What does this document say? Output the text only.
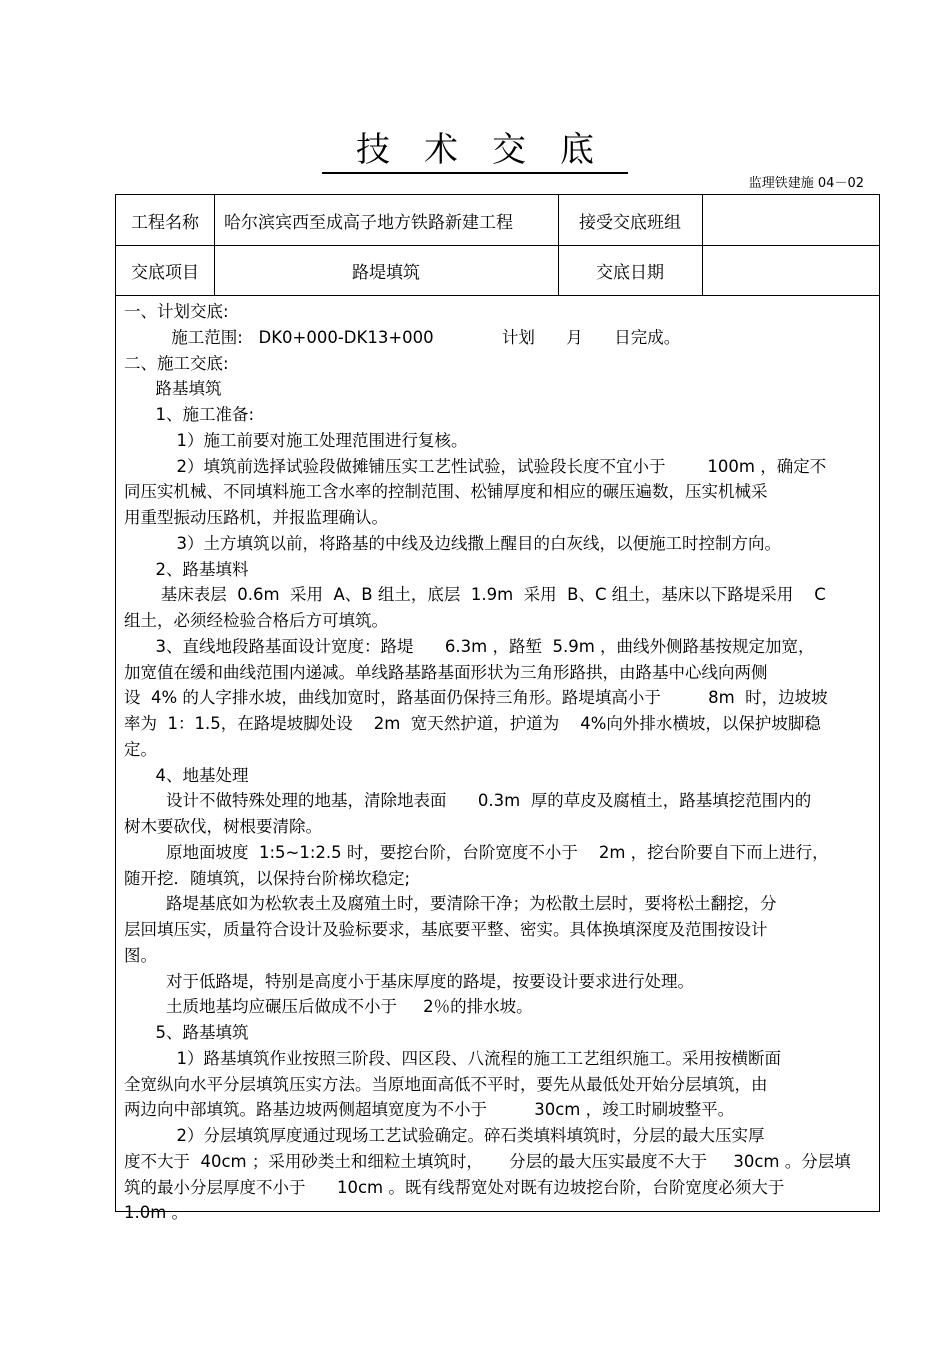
技术交底
监理铁建施 04－02
工程名称	哈尔滨宾西至成高子地方铁路新建工程	接受交底班组
交底项目	路堤填筑	交底日期
一、计划交底:
施工范围:   DK0+000-DK13+000             计划      月      日完成。
二、施工交底:
路基填筑
1、施工准备:
1）施工前要对施工处理范围进行复核。
2）填筑前选择试验段做摊铺压实工艺性试验，试验段长度不宜小于        100m ，确定不
同压实机械、不同填料施工含水率的控制范围、松铺厚度和相应的碾压遍数，压实机械采
用重型振动压路机，并报监理确认。
3）土方填筑以前，将路基的中线及边线撒上醒目的白灰线，以便施工时控制方向。
2、路基填料
基床表层  0.6m  采用  A、B 组土，底层  1.9m  采用  B、C 组土，基床以下路堤采用    C
组土，必须经检验合格后方可填筑。
3、直线地段路基面设计宽度：路堤      6.3m ，路堑  5.9m ，曲线外侧路基按规定加宽，
加宽值在缓和曲线范围内递减。单线路基路基面形状为三角形路拱，由路基中心线向两侧
设  4% 的人字排水坡，曲线加宽时，路基面仍保持三角形。路堤填高小于         8m  时，边坡坡
率为  1：1.5，在路堤坡脚处设    2m  宽天然护道，护道为    4%向外排水横坡，以保护坡脚稳
定。
4、地基处理
设计不做特殊处理的地基，清除地表面      0.3m  厚的草皮及腐植土，路基填挖范围内的
树木要砍伐，树根要清除。
原地面坡度  1:5~1:2.5 时，要挖台阶，台阶宽度不小于    2m ，挖台阶要自下而上进行，
随开挖．随填筑，以保持台阶梯坎稳定;
路堤基底如为松软表土及腐殖土时，要清除干净；为松散土层时，要将松土翻挖，分
层回填压实，质量符合设计及验标要求，基底要平整、密实。具体换填深度及范围按设计
图。
对于低路堤，特别是高度小于基床厚度的路堤，按要设计要求进行处理。
土质地基均应碾压后做成不小于     2％的排水坡。
5、路基填筑
1）路基填筑作业按照三阶段、四区段、八流程的施工工艺组织施工。采用按横断面
全宽纵向水平分层填筑压实方法。当原地面高低不平时，要先从最低处开始分层填筑，由
两边向中部填筑。路基边坡两侧超填宽度为不小于         30cm ，竣工时刷坡整平。
2）分层填筑厚度通过现场工艺试验确定。碎石类填料填筑时，分层的最大压实厚
度不大于  40cm ；采用砂类土和细粒土填筑时，     分层的最大压实最度不大于     30cm 。分层填
筑的最小分层厚度不小于      10cm 。既有线帮宽处对既有边坡挖台阶，台阶宽度必须大于
1.0m 。
